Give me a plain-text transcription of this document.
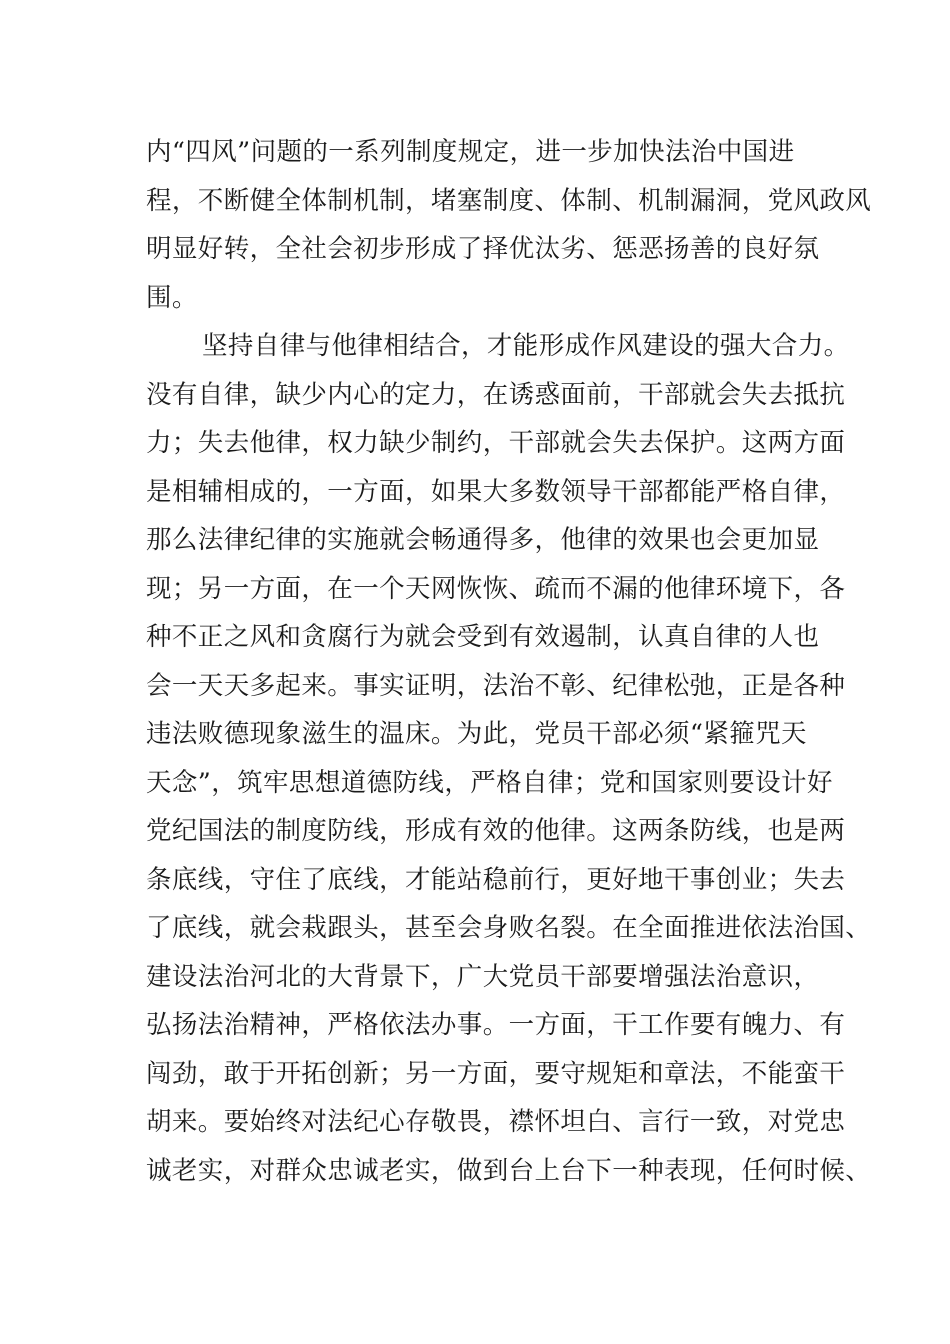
内“四风”问题的一系列制度规定，进一步加快法治中国进
程，不断健全体制机制，堵塞制度、体制、机制漏洞，党风政风
明显好转，全社会初步形成了择优汰劣、惩恶扬善的良好氛
围。
坚持自律与他律相结合，才能形成作风建设的强大合力。
没有自律，缺少内心的定力，在诱惑面前，干部就会失去抵抗
力；失去他律，权力缺少制约，干部就会失去保护。这两方面
是相辅相成的，一方面，如果大多数领导干部都能严格自律，
那么法律纪律的实施就会畅通得多，他律的效果也会更加显
现；另一方面，在一个天网恢恢、疏而不漏的他律环境下，各
种不正之风和贪腐行为就会受到有效遏制，认真自律的人也
会一天天多起来。事实证明，法治不彰、纪律松弛，正是各种
违法败德现象滋生的温床。为此，党员干部必须“紧箍咒天
天念”，筑牢思想道德防线，严格自律；党和国家则要设计好
党纪国法的制度防线，形成有效的他律。这两条防线，也是两
条底线，守住了底线，才能站稳前行，更好地干事创业；失去
了底线，就会栽跟头，甚至会身败名裂。在全面推进依法治国、
建设法治河北的大背景下，广大党员干部要增强法治意识，
弘扬法治精神，严格依法办事。一方面，干工作要有魄力、有
闯劲，敢于开拓创新；另一方面，要守规矩和章法，不能蛮干
胡来。要始终对法纪心存敬畏，襟怀坦白、言行一致，对党忠
诚老实，对群众忠诚老实，做到台上台下一种表现，任何时候、
